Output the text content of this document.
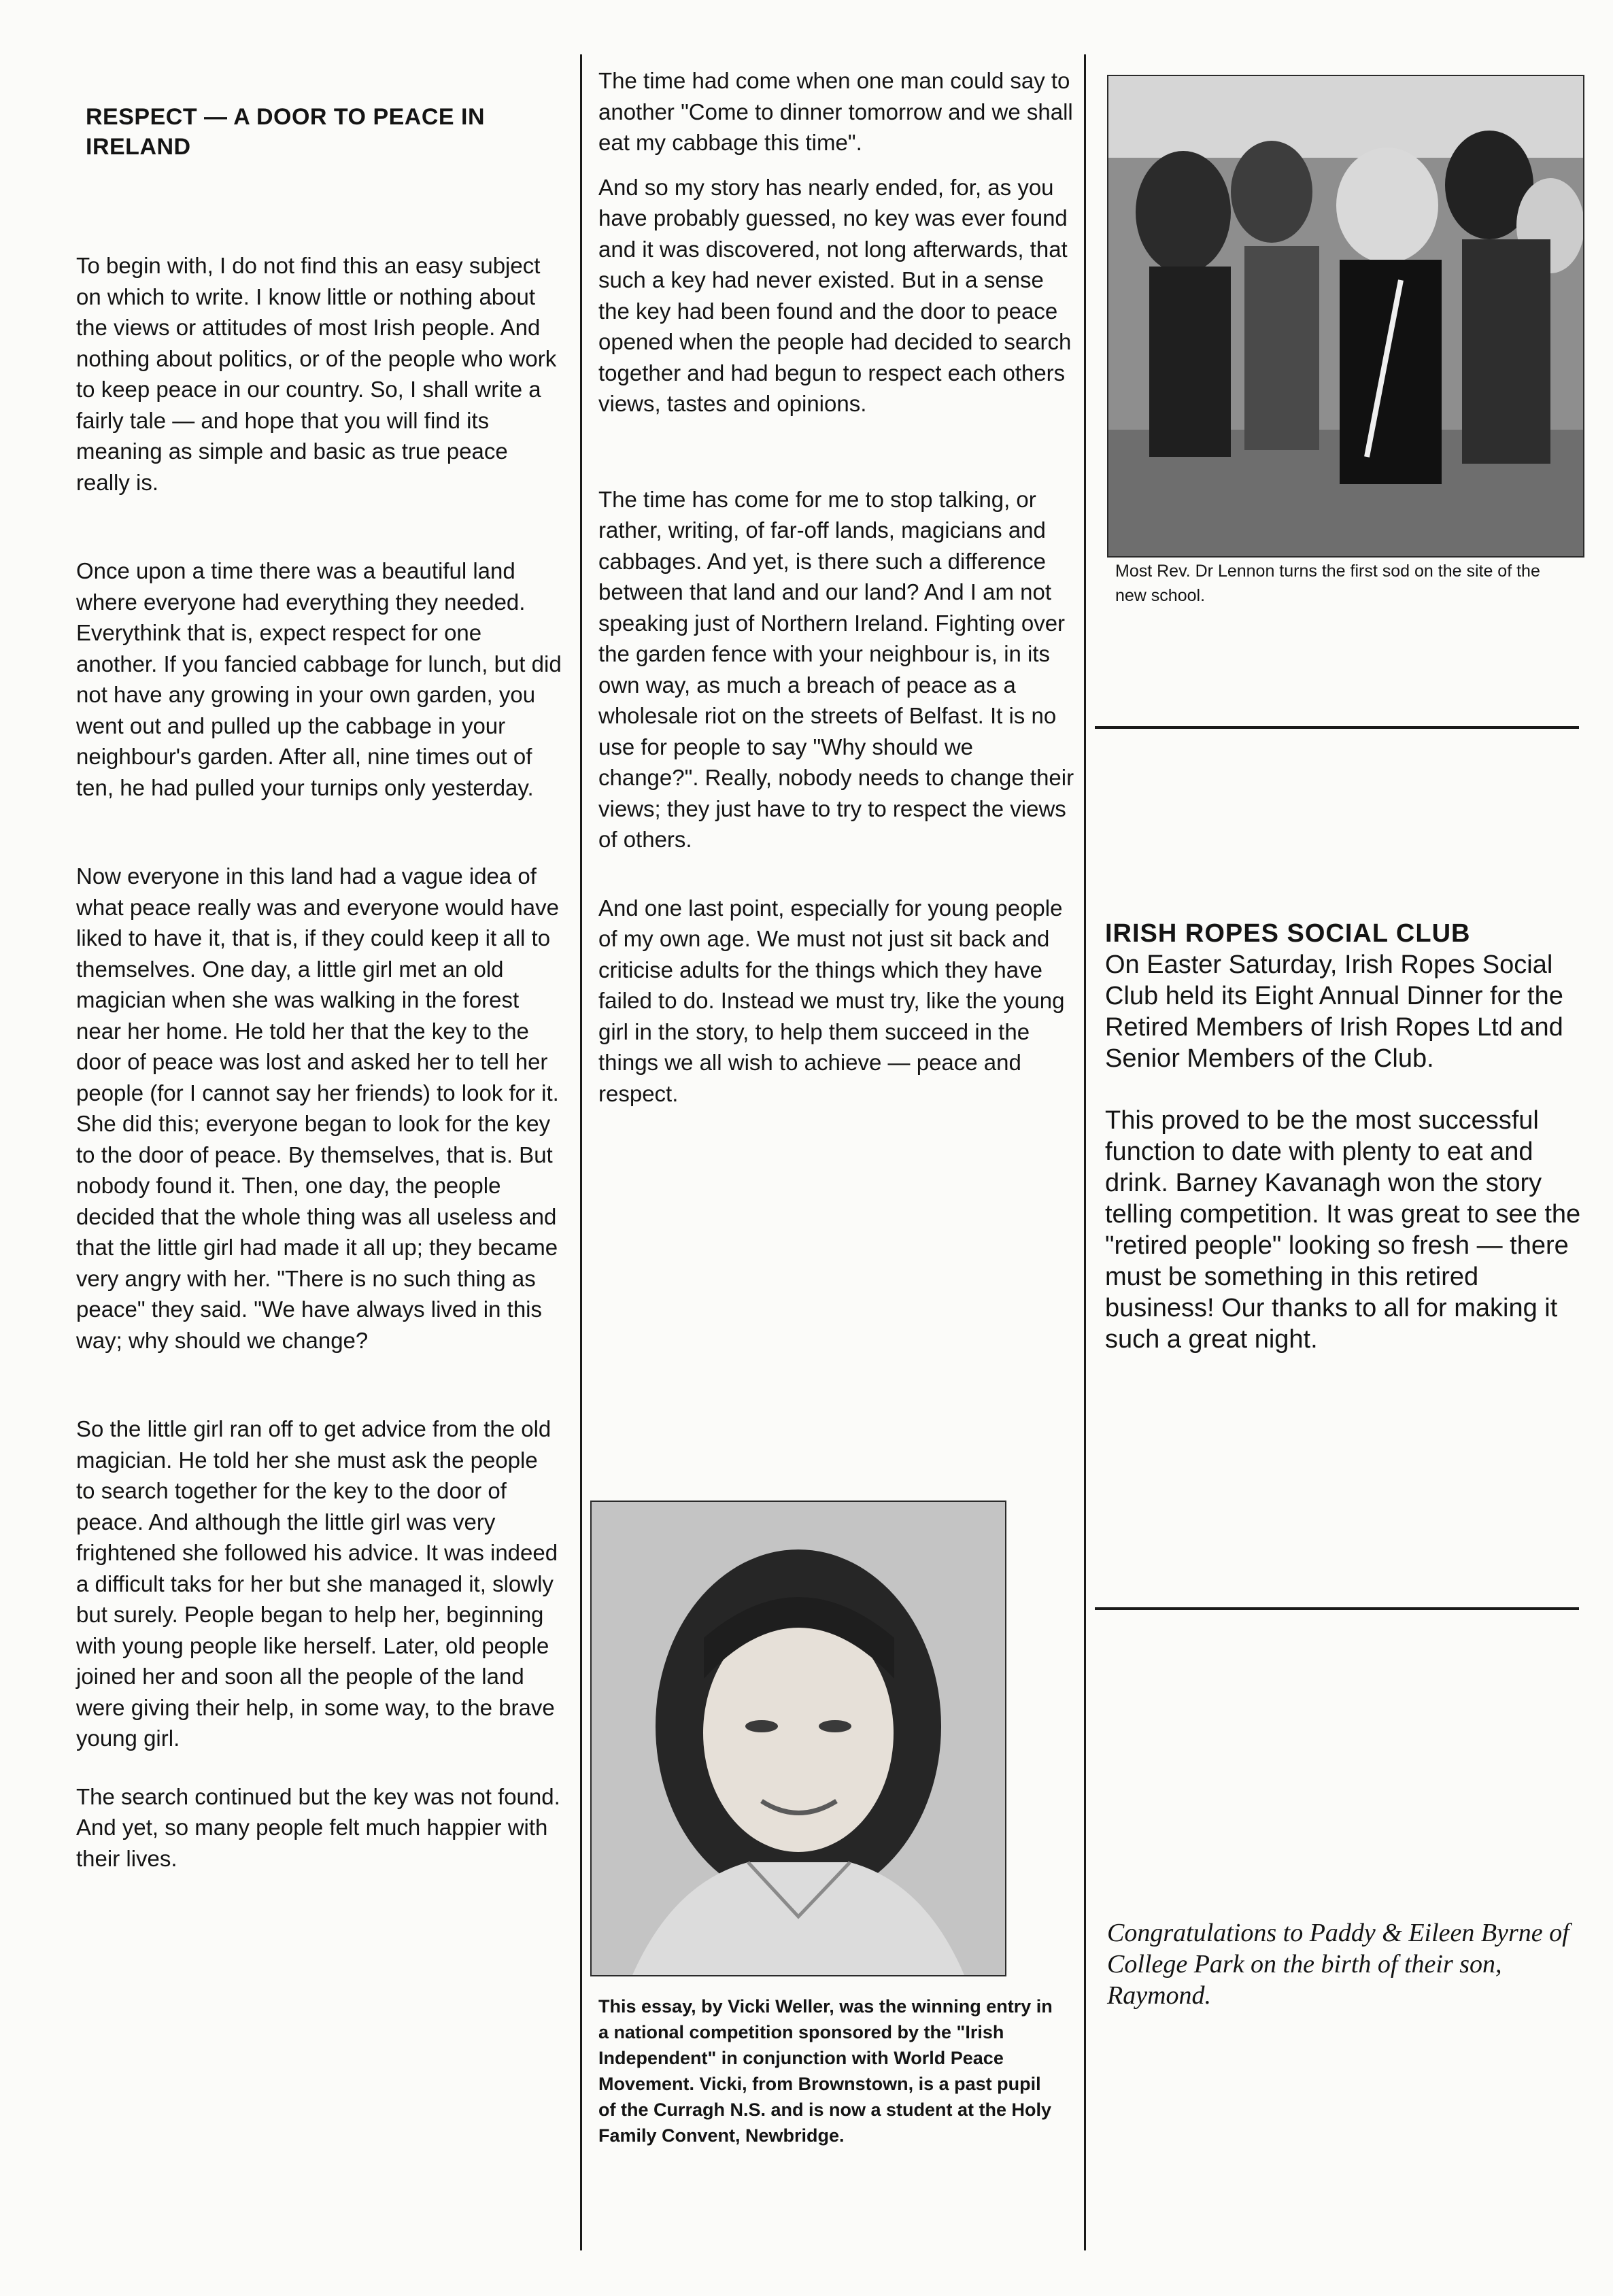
RESPECT — A DOOR TO PEACE IN IRELAND

To begin with, I do not find this an easy subject on which to write. I know little or nothing about the views or attitudes of most Irish people. And nothing about politics, or of the people who work to keep peace in our country. So, I shall write a fairly tale — and hope that you will find its meaning as simple and basic as true peace really is.

Once upon a time there was a beautiful land where everyone had everything they needed. Everythink that is, expect respect for one another. If you fancied cabbage for lunch, but did not have any growing in your own garden, you went out and pulled up the cabbage in your neighbour's garden. After all, nine times out of ten, he had pulled your turnips only yesterday.

Now everyone in this land had a vague idea of what peace really was and everyone would have liked to have it, that is, if they could keep it all to themselves. One day, a little girl met an old magician when she was walking in the forest near her home. He told her that the key to the door of peace was lost and asked her to tell her people (for I cannot say her friends) to look for it. She did this; everyone began to look for the key to the door of peace. By themselves, that is. But nobody found it. Then, one day, the people decided that the whole thing was all useless and that the little girl had made it all up; they became very angry with her. "There is no such thing as peace" they said. "We have always lived in this way; why should we change?

So the little girl ran off to get advice from the old magician. He told her she must ask the people to search together for the key to the door of peace. And although the little girl was very frightened she followed his advice. It was indeed a difficult taks for her but she managed it, slowly but surely. People began to help her, beginning with young people like herself. Later, old people joined her and soon all the people of the land were giving their help, in some way, to the brave young girl.

The search continued but the key was not found. And yet, so many people felt much happier with their lives.

The time had come when one man could say to another "Come to dinner tomorrow and we shall eat my cabbage this time".

And so my story has nearly ended, for, as you have probably guessed, no key was ever found and it was discovered, not long afterwards, that such a key had never existed. But in a sense the key had been found and the door to peace opened when the people had decided to search together and had begun to respect each others views, tastes and opinions.

The time has come for me to stop talking, or rather, writing, of far-off lands, magicians and cabbages. And yet, is there such a difference between that land and our land? And I am not speaking just of Northern Ireland. Fighting over the garden fence with your neighbour is, in its own way, as much a breach of peace as a wholesale riot on the streets of Belfast. It is no use for people to say "Why should we change?". Really, nobody needs to change their views; they just have to try to respect the views of others.

And one last point, especially for young people of my own age. We must not just sit back and criticise adults for the things which they have failed to do. Instead we must try, like the young girl in the story, to help them succeed in the things we all wish to achieve — peace and respect.

This essay, by Vicki Weller, was the winning entry in a national competition sponsored by the "Irish Independent" in conjunction with World Peace Movement. Vicki, from Brownstown, is a past pupil of the Curragh N.S. and is now a student at the Holy Family Convent, Newbridge.
Most Rev. Dr Lennon turns the first sod on the site of the new school.
IRISH ROPES SOCIAL CLUB

On Easter Saturday, Irish Ropes Social Club held its Eight Annual Dinner for the Retired Members of Irish Ropes Ltd and Senior Members of the Club.

This proved to be the most successful function to date with plenty to eat and drink. Barney Kavanagh won the story telling competition. It was great to see the "retired people" looking so fresh — there must be something in this retired business! Our thanks to all for making it such a great night.

Congratulations to Paddy & Eileen Byrne of College Park on the birth of their son, Raymond.
